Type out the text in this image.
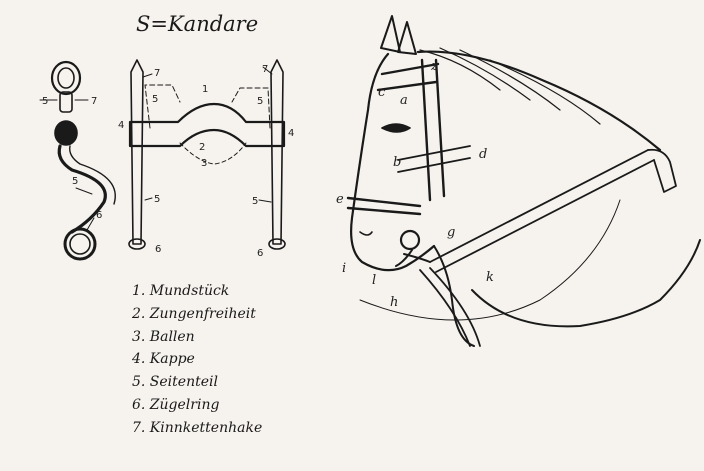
5	7
5
6
7	7
5	5
1
4
4
2
3
5	5
6	6
z
c
a
d
b
e
g
i
l	k
h
S=Kandare
1. Mundstück
2. Zungenfreiheit
3. Ballen
4. Kappe
5. Seitenteil
6. Zügelring
7. Kinnkettenhake
